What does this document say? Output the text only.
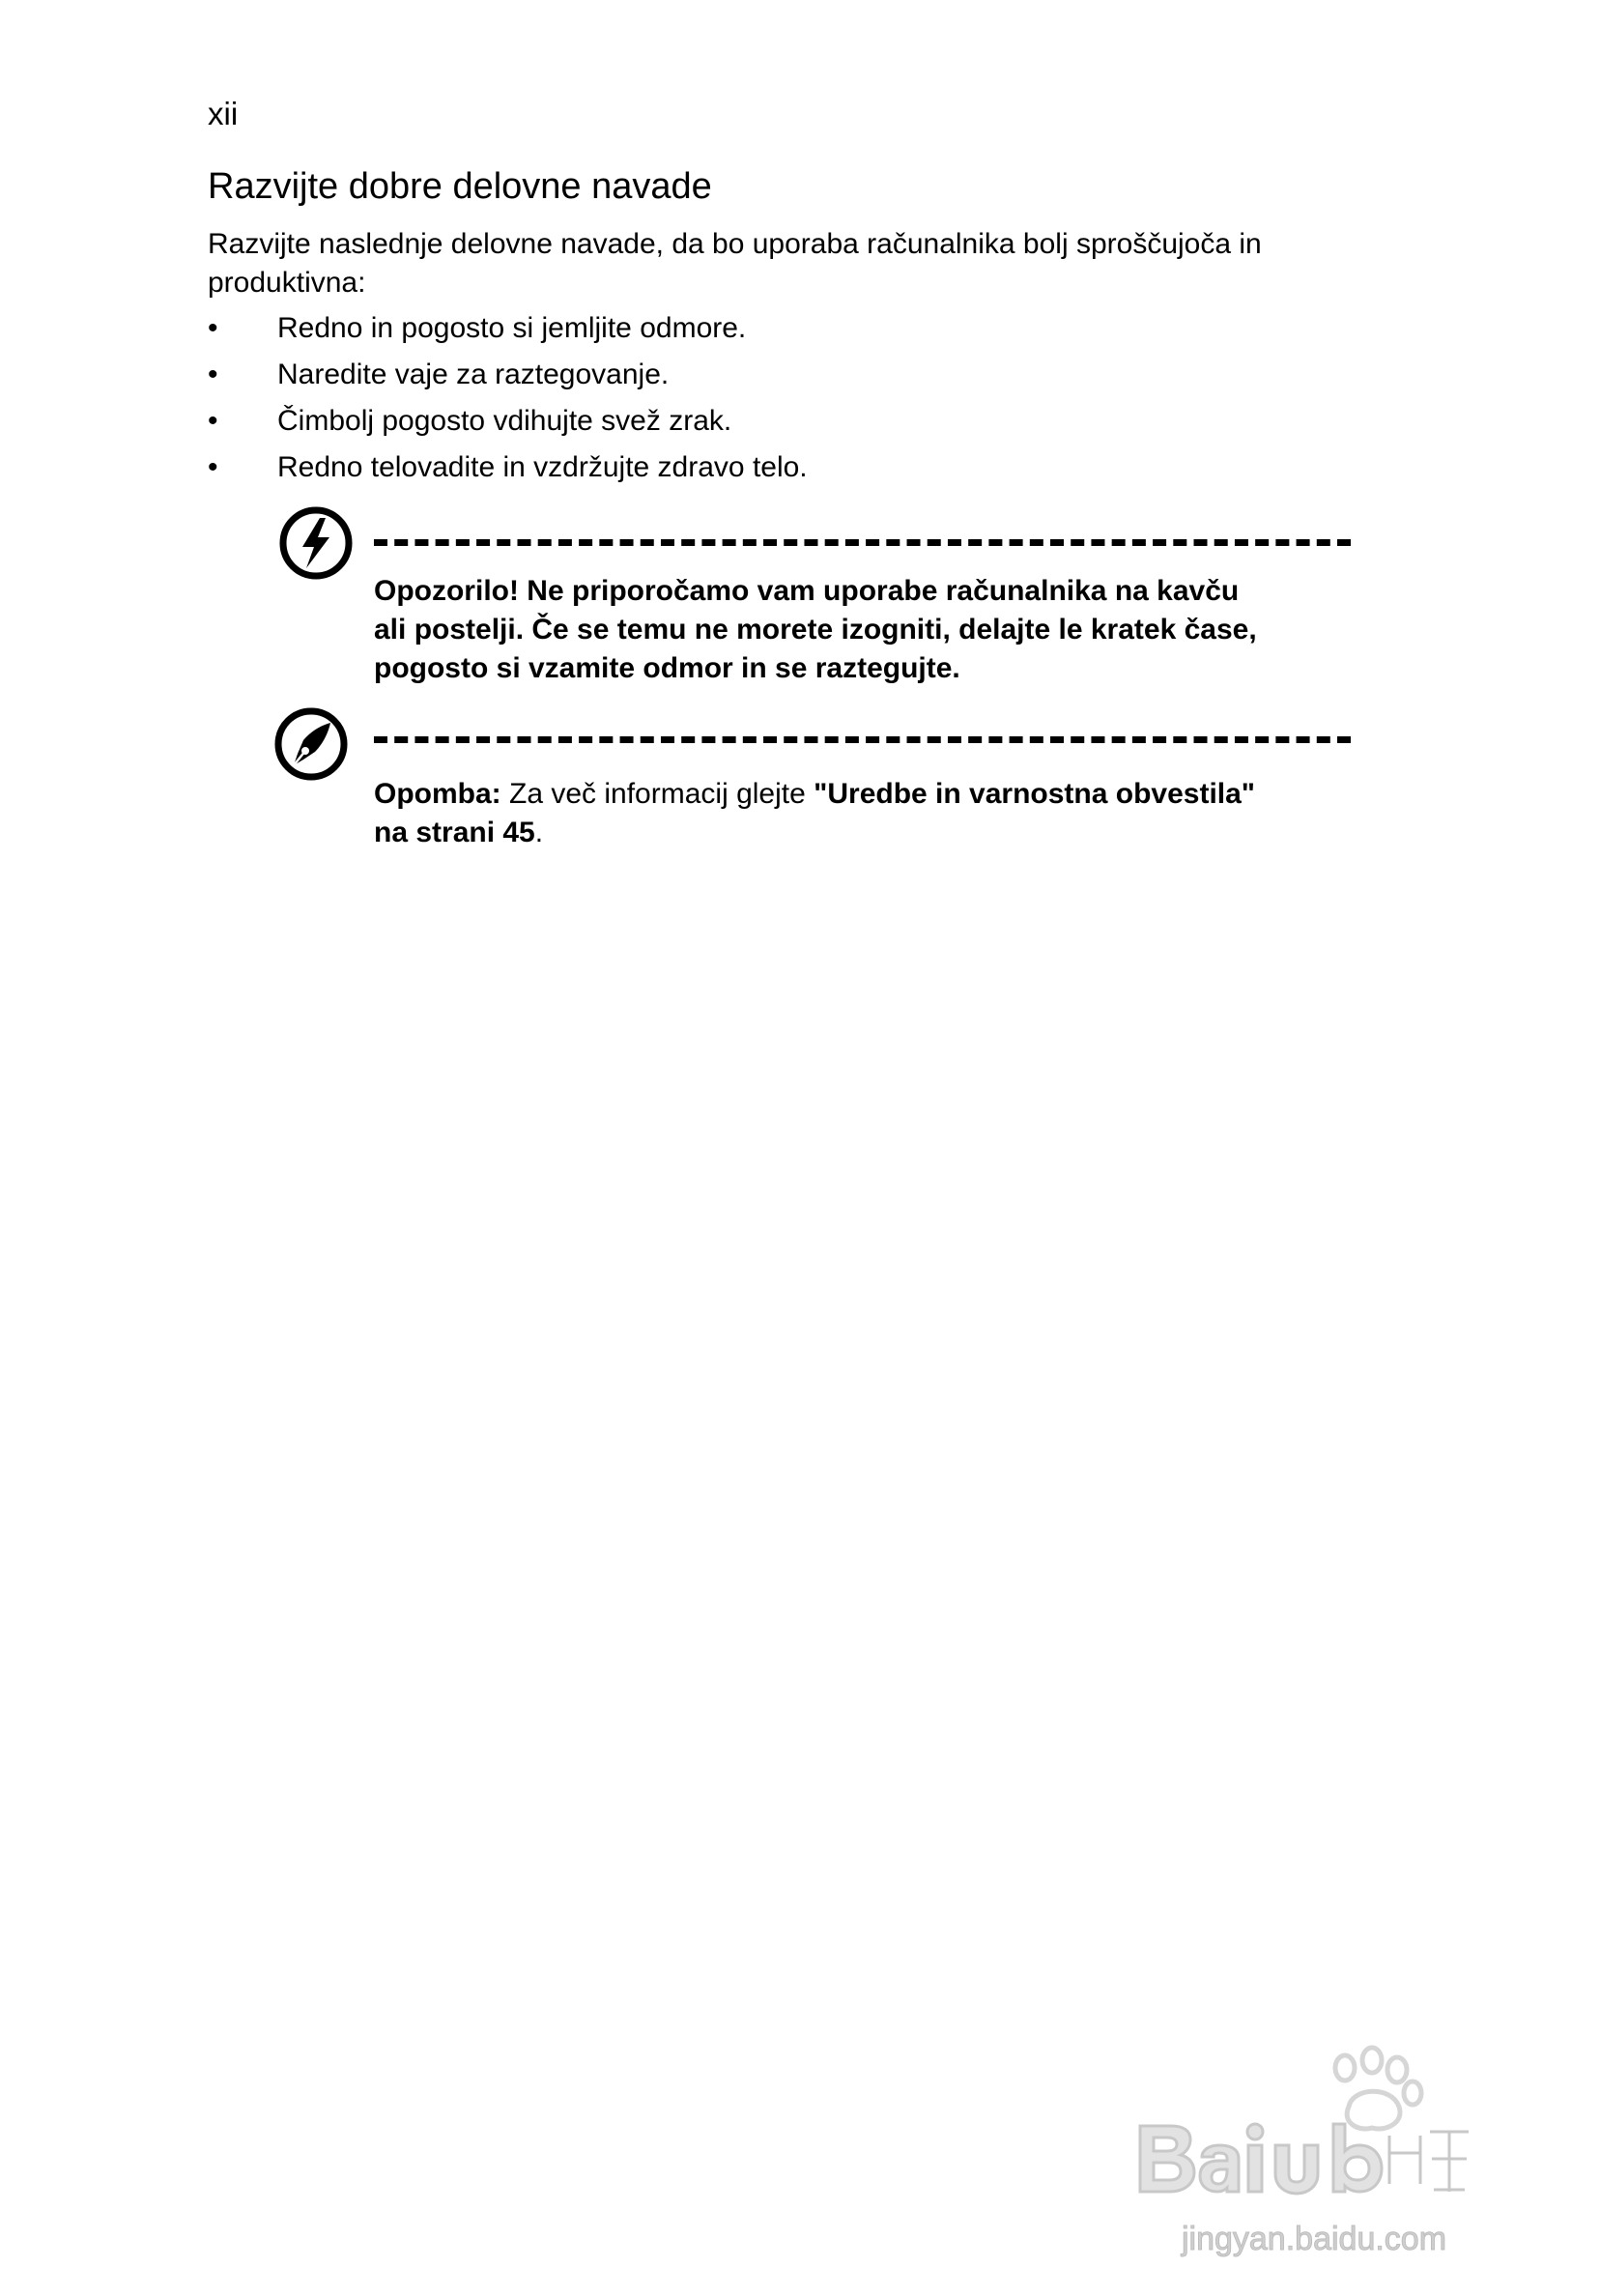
xii
Razvijte dobre delovne navade

Razvijte naslednje delovne navade, da bo uporaba računalnika bolj sproščujoča in produktivna:

•	Redno in pogosto si jemljite odmore.
•	Naredite vaje za raztegovanje.
•	Čimbolj pogosto vdihujte svež zrak.
•	Redno telovadite in vzdržujte zdravo telo.
Opozorilo! Ne priporočamo vam uporabe računalnika na kavču
ali postelji. Če se temu ne morete izogniti, delajte le kratek čase,
pogosto si vzamite odmor in se raztegujte.
Opomba: Za več informacij glejte "Uredbe in varnostna obvestila"
na strani 45.
jingyan.baidu.com
